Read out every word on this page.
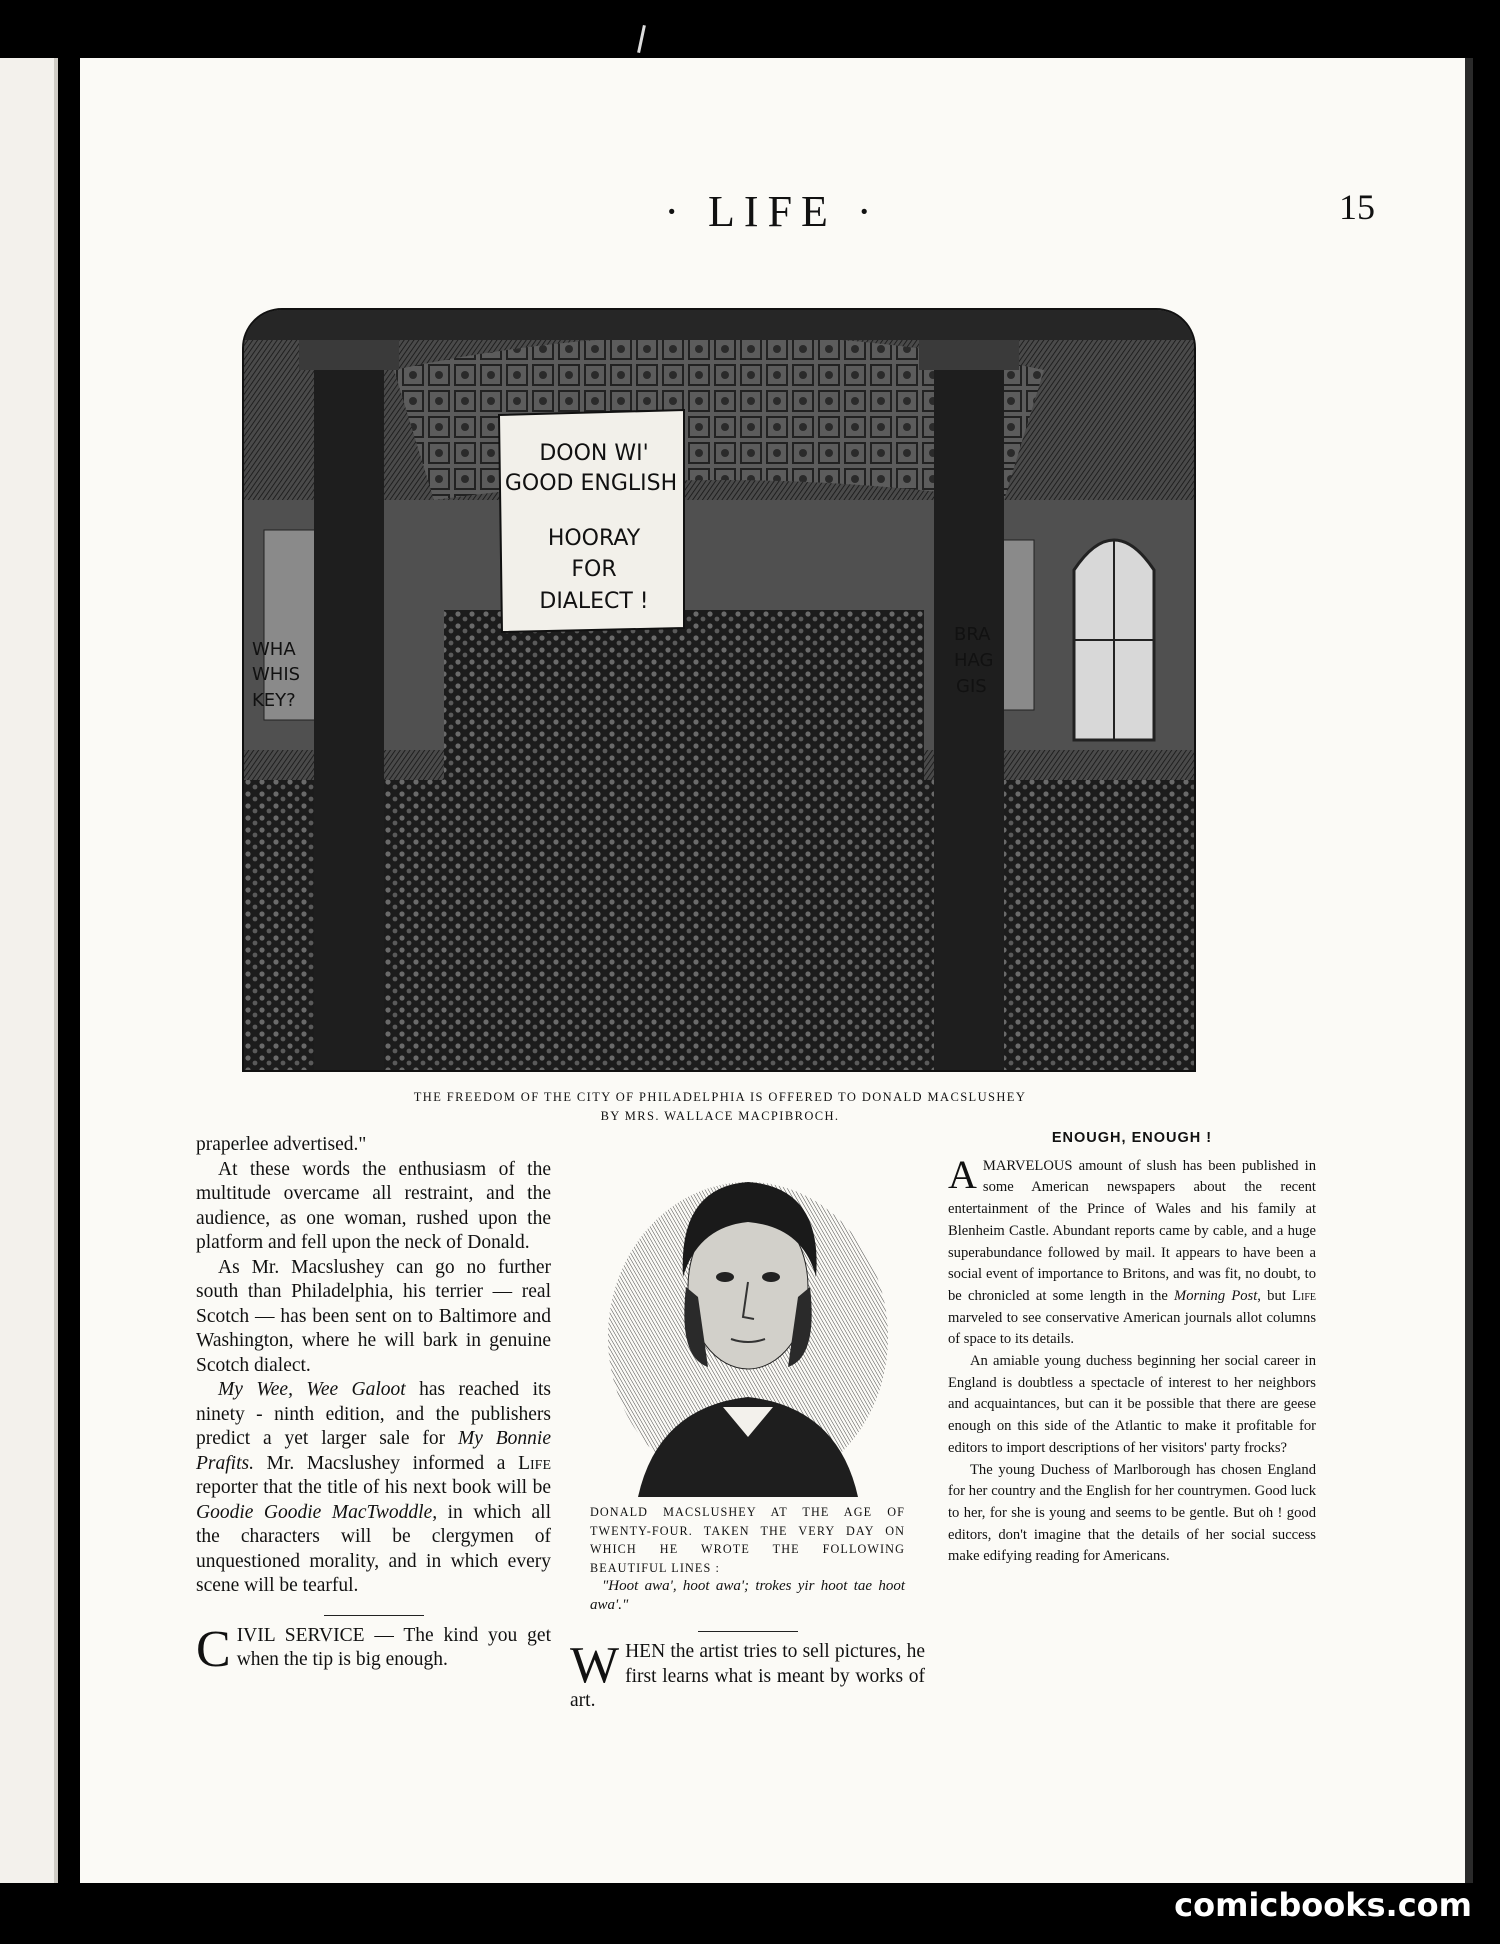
· LIFE ·	15
DOON WI'
GOOD ENGLISH
HOORAY
FOR
DIALECT !
WHA
WHIS
KEY?
BRA
HAG
GIS
THE FREEDOM OF THE CITY OF PHILADELPHIA IS OFFERED TO DONALD MACSLUSHEY
BY MRS. WALLACE MACPIBROCH.

praperlee advertised."

At these words the enthusiasm of the multitude overcame all restraint, and the audience, as one woman, rushed upon the platform and fell upon the neck of Donald.

As Mr. Macslushey can go no further south than Philadelphia, his terrier — real Scotch — has been sent on to Baltimore and Washington, where he will bark in genuine Scotch dialect.

My Wee, Wee Galoot has reached its ninety - ninth edition, and the publishers predict a yet larger sale for My Bonnie Prafits. Mr. Macslushey informed a Life reporter that the title of his next book will be Goodie Goodie MacTwoddle, in which all the characters will be clergymen of unquestioned morality, and in which every scene will be tearful.

CIVIL SERVICE — The kind you get when the tip is big enough.

DONALD MACSLUSHEY AT THE AGE OF TWENTY-FOUR. TAKEN THE VERY DAY ON WHICH HE WROTE THE FOLLOWING BEAUTIFUL LINES :
"Hoot awa', hoot awa'; trokes yir hoot tae hoot awa'."

WHEN the artist tries to sell pictures, he first learns what is meant by works of art.

ENOUGH, ENOUGH !

AMARVELOUS amount of slush has been published in some American newspapers about the recent entertainment of the Prince of Wales and his family at Blenheim Castle. Abundant reports came by cable, and a huge superabundance followed by mail. It appears to have been a social event of importance to Britons, and was fit, no doubt, to be chronicled at some length in the Morning Post, but Life marveled to see conservative American journals allot columns of space to its details.

An amiable young duchess beginning her social career in England is doubtless a spectacle of interest to her neighbors and acquaintances, but can it be possible that there are geese enough on this side of the Atlantic to make it profitable for editors to import descriptions of her visitors' party frocks?

The young Duchess of Marlborough has chosen England for her country and the English for her countrymen. Good luck to her, for she is young and seems to be gentle. But oh ! good editors, don't imagine that the details of her social success make edifying reading for Americans.

comicbooks.com
